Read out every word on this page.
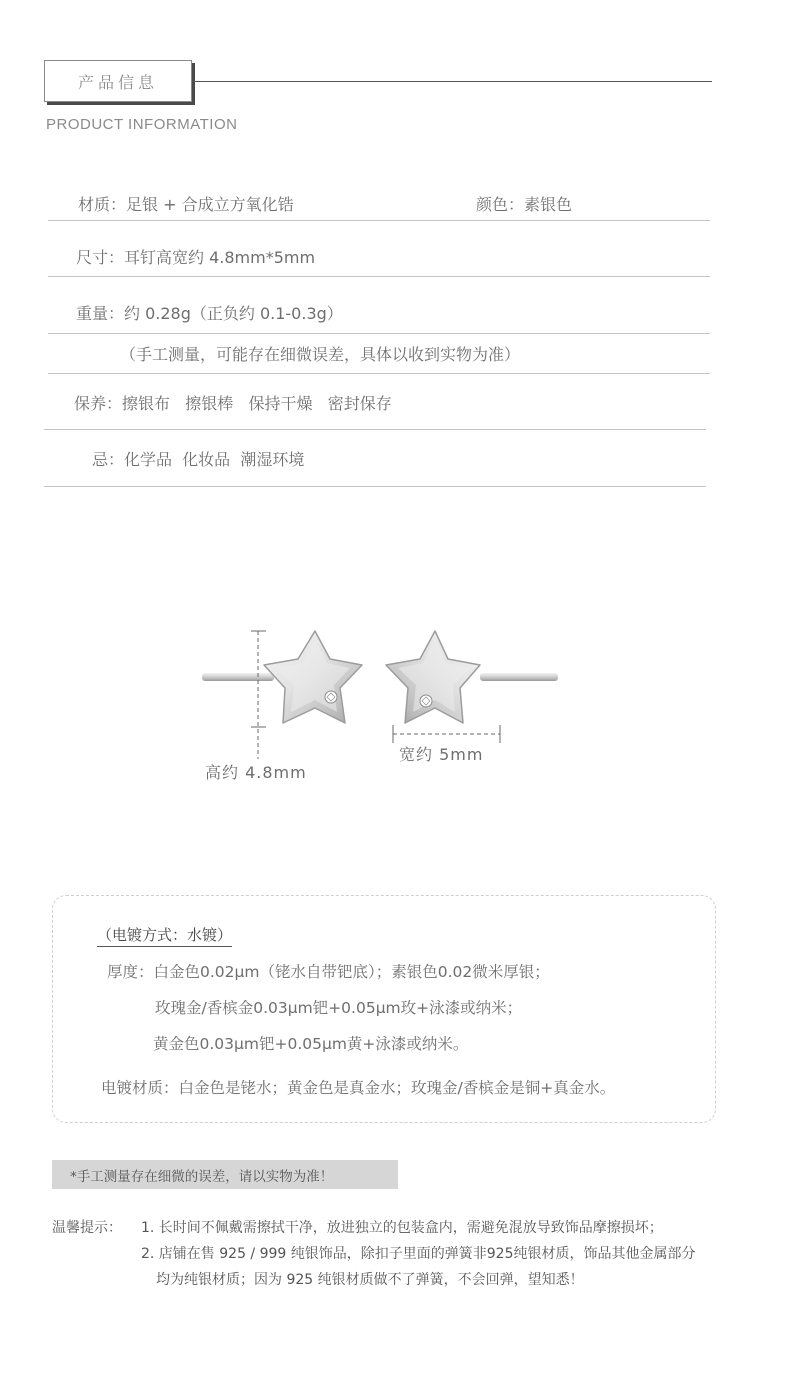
产品信息
PRODUCT INFORMATION
材质：足银 + 合成立方氧化锆	颜色：素银色
尺寸：耳钉高宽约 4.8mm*5mm
重量：约 0.28g（正负约 0.1-0.3g）
（手工测量，可能存在细微误差，具体以收到实物为准）
保养：擦银布   擦银棒   保持干燥   密封保存
忌：化学品  化妆品  潮湿环境
高约 4.8mm
宽约 5mm
（电镀方式：水镀）
厚度：白金色0.02μm（铑水自带钯底）；素银色0.02微米厚银；
玫瑰金/香槟金0.03μm钯+0.05μm玫+泳漆或纳米；
黄金色0.03μm钯+0.05μm黄+泳漆或纳米。
电镀材质：白金色是铑水；黄金色是真金水；玫瑰金/香槟金是铜+真金水。
*手工测量存在细微的误差，请以实物为准！
温馨提示： 1. 长时间不佩戴需擦拭干净，放进独立的包装盒内，需避免混放导致饰品摩擦损坏；
2. 店铺在售 925 / 999 纯银饰品，除扣子里面的弹簧非925纯银材质，饰品其他金属部分
均为纯银材质；因为 925 纯银材质做不了弹簧，不会回弹，望知悉！
